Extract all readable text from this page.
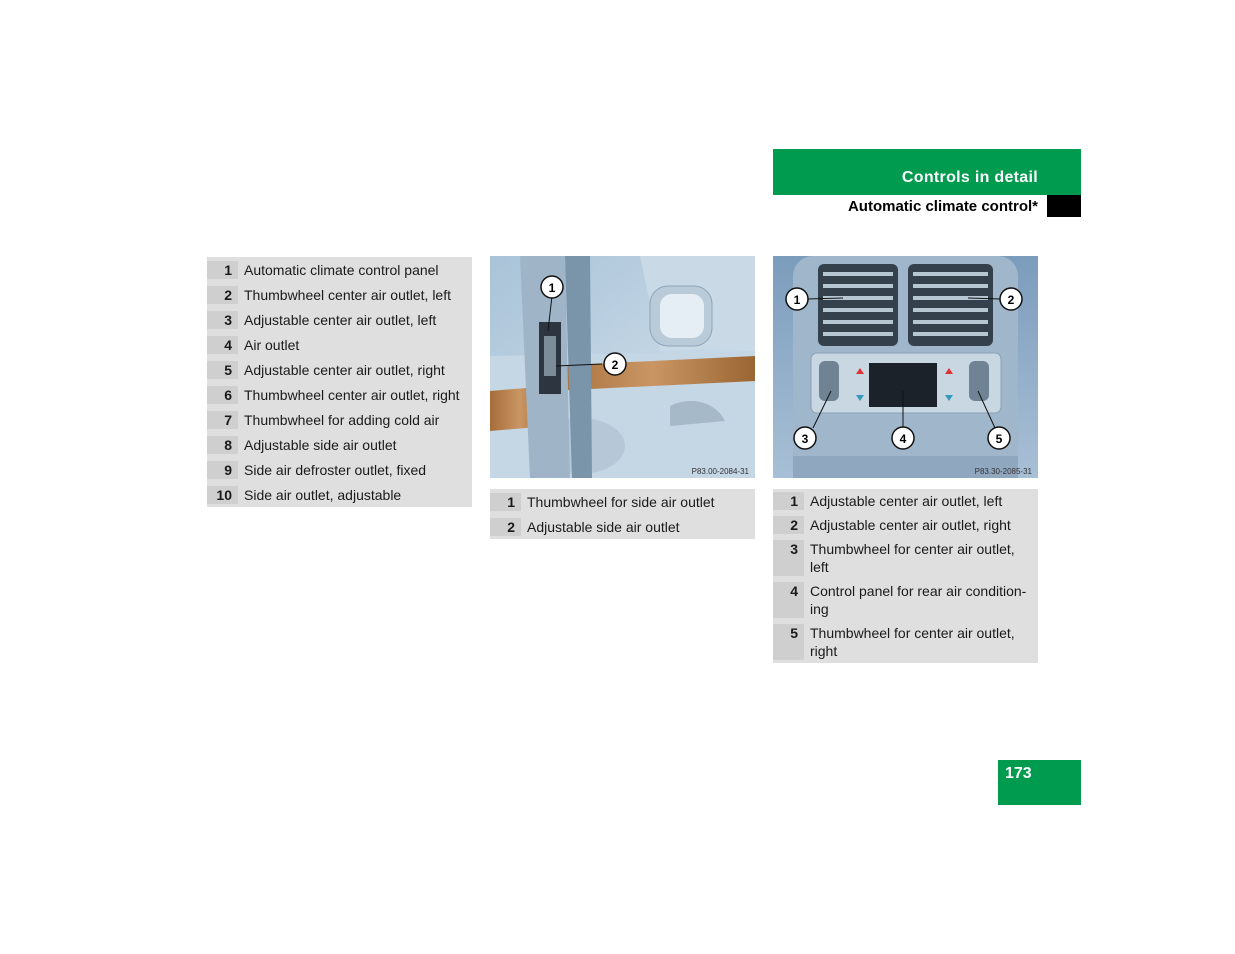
Controls in detail
Automatic climate control*
1 Automatic climate control panel
2 Thumbwheel center air outlet, left
3 Adjustable center air outlet, left
4 Air outlet
5 Adjustable center air outlet, right
6 Thumbwheel center air outlet, right
7 Thumbwheel for adding cold air
8 Adjustable side air outlet
9 Side air defroster outlet, fixed
10 Side air outlet, adjustable
1
2
P83.00-2084-31
1 Thumbwheel for side air outlet
2 Adjustable side air outlet
1	2
3	4	5
P83.30-2085-31
1 Adjustable center air outlet, left
2 Adjustable center air outlet, right
3 Thumbwheel for center air outlet, left
4 Control panel for rear air condition-ing
5 Thumbwheel for center air outlet, right
173
